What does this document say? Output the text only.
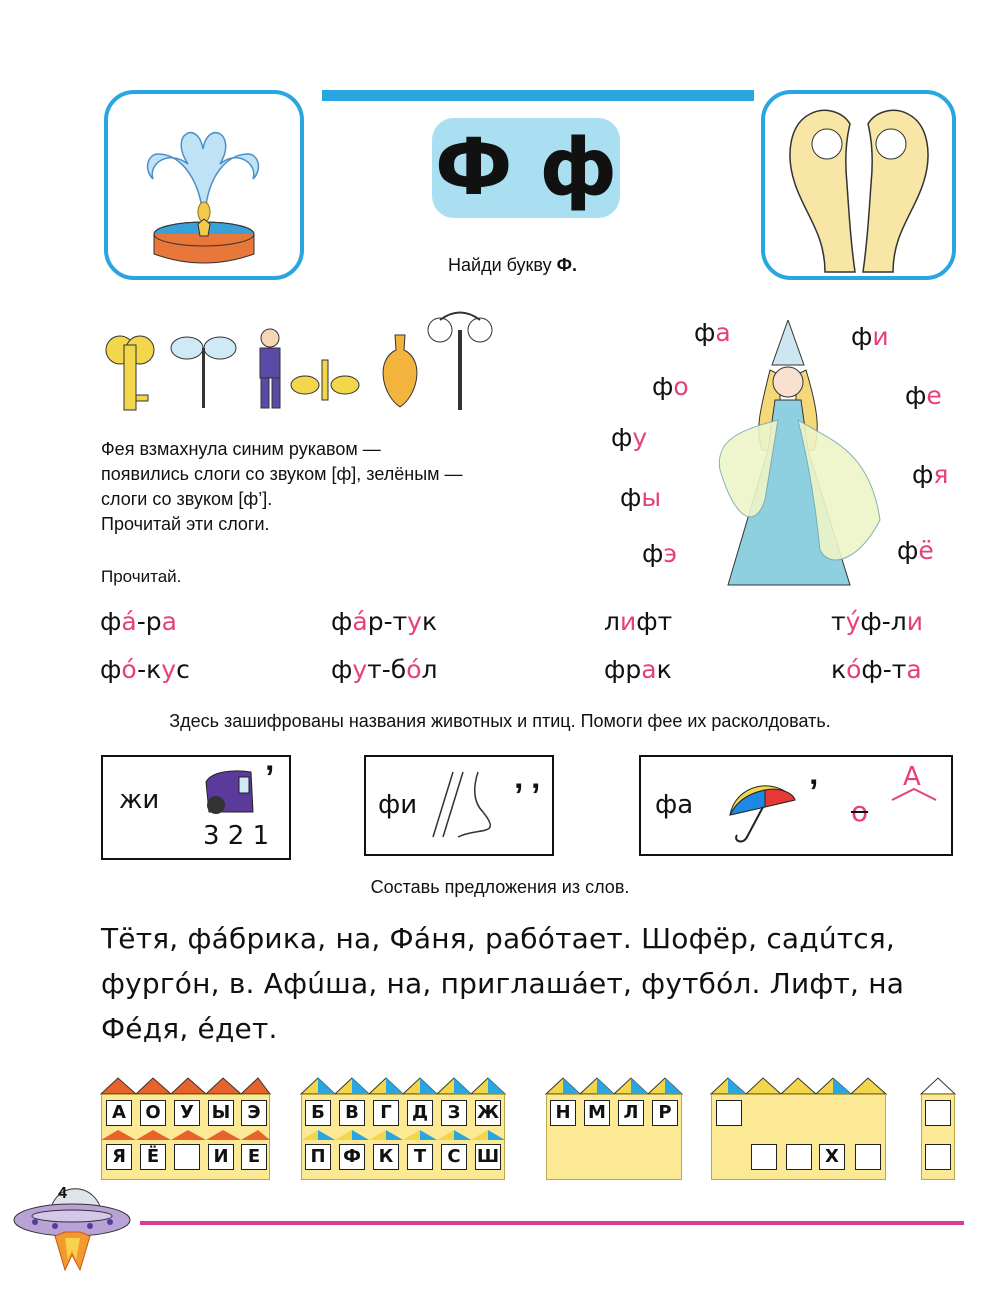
Ф ф
Найди букву Ф.
Фея взмахнула синим рукавом —
появились слоги со звуком [ф], зелёным —
слоги со звуком [ф’].
Прочитай эти слоги.
фа	фи
фо	фе
фу
фя
фы
фэ	фё
Прочитай.
фá-ра	фáр-тук	лифт	тýф-ли
фó-кус	фут-бóл	фрак	кóф-та
Здесь зашифрованы названия животных и птиц. Помоги фее их расколдовать.
жи
’
3 2 1
фи	’ ’	фа	’
о
А
Составь предложения из слов.
Тётя, фáбрика, на, Фáня, рабóтает. Шофёр, садúтся,
фургóн, в. Афúша, на, приглашáет, футбóл. Лифт, на
Фéдя, éдет.
А	О	У Ы Э
Я	Ё	И	Е
Б	В	Г	Д	З Ж
П Ф К	Т	С Ш
Н М Л	Р
Х
4
